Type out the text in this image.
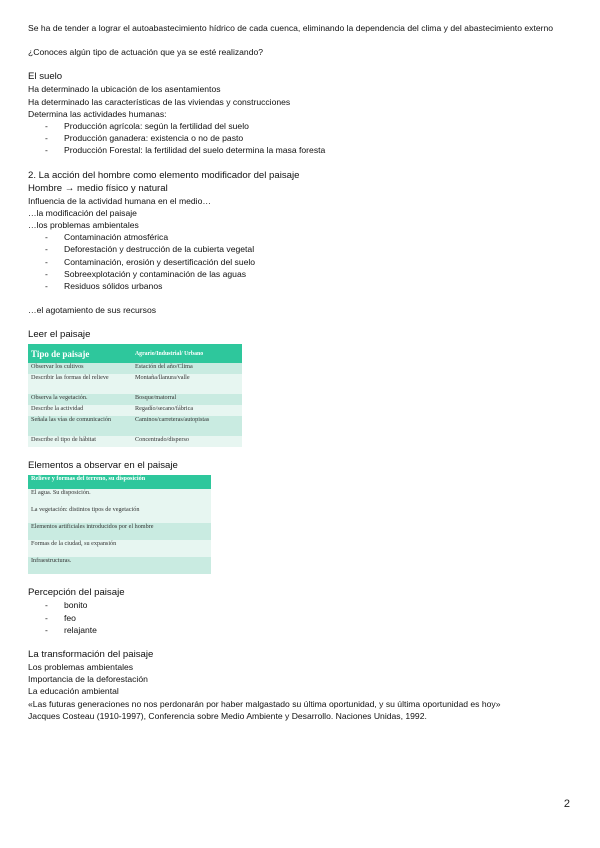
Se ha de tender a lograr el autoabastecimiento hídrico de cada cuenca, eliminando la dependencia del clima y del abastecimiento externo

¿Conoces algún tipo de actuación que ya se esté realizando?

El suelo

Ha determinado la ubicación de los asentamientos

Ha determinado las características de las viviendas y construcciones

Determina las actividades humanas:

- Producción agrícola: según la fertilidad del suelo
- Producción ganadera: existencia o no de pasto
- Producción Forestal: la fertilidad del suelo determina la masa foresta

2. La acción del hombre como elemento modificador del paisaje

Hombre → medio físico y natural

Influencia de la actividad humana en el medio…

…la modificación del paisaje

…los problemas ambientales

- Contaminación atmosférica
- Deforestación y destrucción de la cubierta vegetal
- Contaminación, erosión y desertificación del suelo
- Sobreexplotación y contaminación de las aguas
- Residuos sólidos urbanos

…el agotamiento de sus recursos

Leer el paisaje

Tipo de paisaje	Agrario/Industrial/ Urbano
Observar los cultivos	Estación del año/Clima
Describir las formas del relieve	Montaña/llanura/valle
Observa la vegetación.	Bosque/matorral
Describe la actividad	Regadío/secano/fábrica
Señala las vías de comunicación	Caminos/carreteras/autopistas
Describe el tipo de hábitat	Concentrado/disperso

Elementos a observar en el paisaje

Relieve y formas del terreno, su disposición
El agua. Su disposición.
La vegetación: distintos tipos de vegetación
Elementos artificiales introducidos por el hombre
Formas de la ciudad, su expansión
Infraestructuras.

Percepción del paisaje

- bonito
- feo
- relajante

La transformación del paisaje

Los problemas ambientales

Importancia de la deforestación

La educación ambiental

«Las futuras generaciones no nos perdonarán por haber malgastado su última oportunidad, y su última oportunidad es hoy»

Jacques Costeau (1910-1997), Conferencia sobre Medio Ambiente y Desarrollo. Naciones Unidas, 1992.

2
